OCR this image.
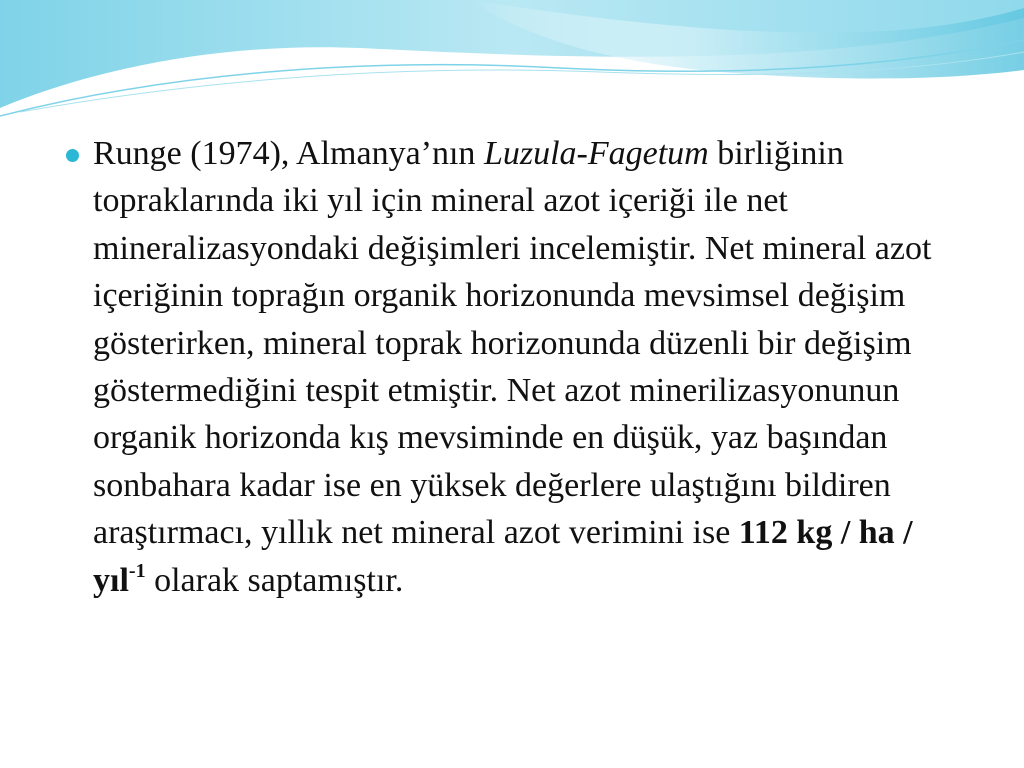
Runge (1974), Almanya’nın Luzula-Fagetum birliğinin topraklarında iki yıl için mineral azot içeriği ile net mineralizasyondaki değişimleri incelemiştir. Net mineral azot içeriğinin toprağın organik horizonunda mevsimsel değişim gösterirken, mineral toprak horizonunda düzenli bir değişim göstermediğini tespit etmiştir. Net azot minerilizasyonunun organik horizonda kış mevsiminde en düşük, yaz başından sonbahara kadar ise en yüksek değerlere ulaştığını bildiren araştırmacı, yıllık net mineral azot verimini ise 112 kg / ha / yıl$^{-1}$ olarak saptamıştır.
